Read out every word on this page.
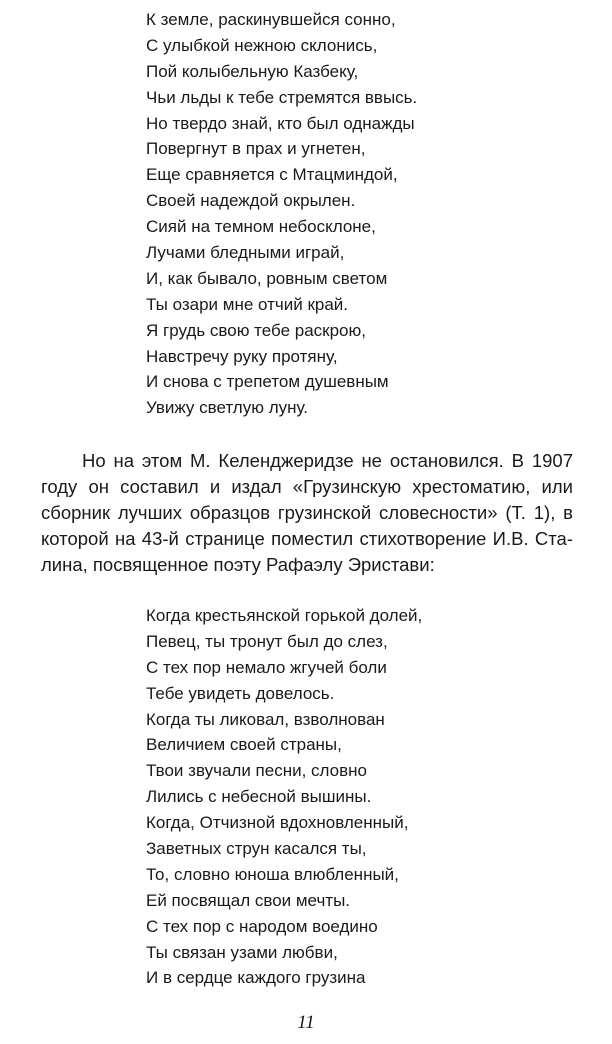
К земле, раскинувшейся сонно,
С улыбкой нежною склонись,
Пой колыбельную Казбеку,
Чьи льды к тебе стремятся ввысь.
Но твердо знай, кто был однажды
Повергнут в прах и угнетен,
Еще сравняется с Мтацминдой,
Своей надеждой окрылен.
Сияй на темном небосклоне,
Лучами бледными играй,
И, как бывало, ровным светом
Ты озари мне отчий край.
Я грудь свою тебе раскрою,
Навстречу руку протяну,
И снова с трепетом душевным
Увижу светлую луну.
Но на этом М. Келенджеридзе не остановился. В 1907
году он составил и издал «Грузинскую хрестоматию, или
сборник лучших образцов грузинской словесности» (Т. 1), в
которой на 43-й странице поместил стихотворение И.В. Ста-
лина, посвященное поэту Рафаэлу Эристави:
Когда крестьянской горькой долей,
Певец, ты тронут был до слез,
С тех пор немало жгучей боли
Тебе увидеть довелось.
Когда ты ликовал, взволнован
Величием своей страны,
Твои звучали песни, словно
Лились с небесной вышины.
Когда, Отчизной вдохновленный,
Заветных струн касался ты,
То, словно юноша влюбленный,
Ей посвящал свои мечты.
С тех пор с народом воедино
Ты связан узами любви,
И в сердце каждого грузина
11
